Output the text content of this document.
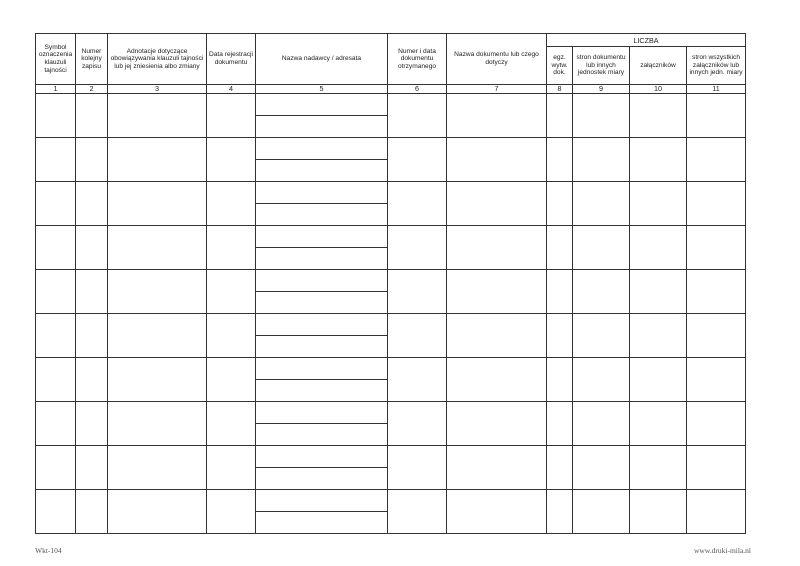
Symbol oznaczenia klauzuli tajności	Numer kolejny zapisu	Adnotacje dotyczące obowiązywania klauzuli tajności lub jej zniesienia albo zmiany	Data rejestracji dokumentu	Nazwa nadawcy / adresata	Numer i data dokumentu otrzymanego	Nazwa dokumentu lub czego dotyczy	LICZBA			
							egz. wytw. dok.	stron dokumentu lub innych jednostek miary	załączników	stron wszystkich załączników lub innych jedn. miary
1	2	3	4	5	6	7	8	9	10	11

Wkt-104	www.druki-mila.nl
